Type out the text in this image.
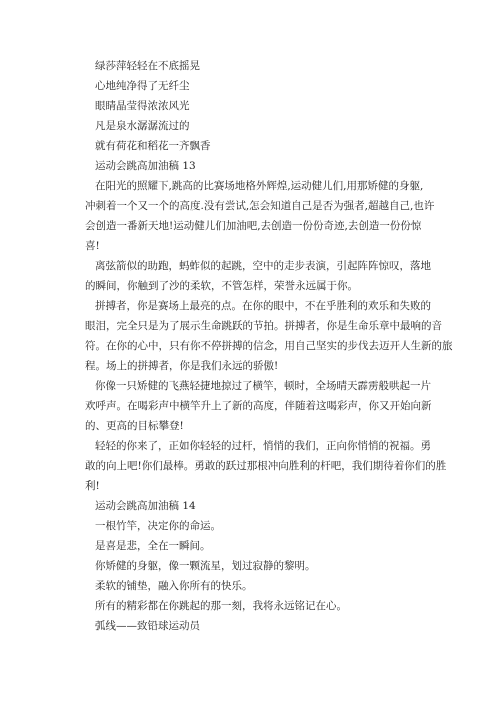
绿莎萍轻轻在不底摇晃
心地纯净得了无纤尘
眼睛晶莹得浓浓风光
凡是泉水潺潺流过的
就有荷花和稻花一齐飘香
运动会跳高加油稿 13
在阳光的照耀下,跳高的比赛场地格外辉煌,运动健儿们,用那矫健的身躯,
冲刺着一个又一个的高度.没有尝试,怎会知道自己是否为强者,超越自己,也许
会创造一番新天地!运动健儿们加油吧,去创造一份份奇迹,去创造一份份惊
喜!
离弦箭似的助跑，蚂蚱似的起跳，空中的走步表演，引起阵阵惊叹，落地
的瞬间，你触到了沙的柔软，不管怎样，荣誉永远属于你。
拼搏者，你是赛场上最亮的点。在你的眼中，不在乎胜利的欢乐和失败的
眼泪，完全只是为了展示生命跳跃的节拍。拼搏者，你是生命乐章中最响的音
符。在你的心中，只有你不停拼搏的信念，用自己坚实的步伐去迈开人生新的旅
程。场上的拼搏者，你是我们永远的骄傲!
你像一只矫健的飞燕轻捷地掠过了横竿，顿时，全场晴天霹雳般哄起一片
欢呼声。在喝彩声中横竿升上了新的高度，伴随着这喝彩声，你又开始向新
的、更高的目标攀登!
轻轻的你来了，正如你轻轻的过杆，悄悄的我们，正向你悄悄的祝福。勇
敢的向上吧!你们最棒。勇敢的跃过那根冲向胜利的杆吧，我们期待着你们的胜
利!
运动会跳高加油稿 14
一根竹竿，决定你的命运。
是喜是悲，全在一瞬间。
你矫健的身躯，像一颗流星，划过寂静的黎明。
柔软的铺垫，融入你所有的快乐。
所有的精彩都在你跳起的那一刻，我将永远铭记在心。
弧线——致铅球运动员
